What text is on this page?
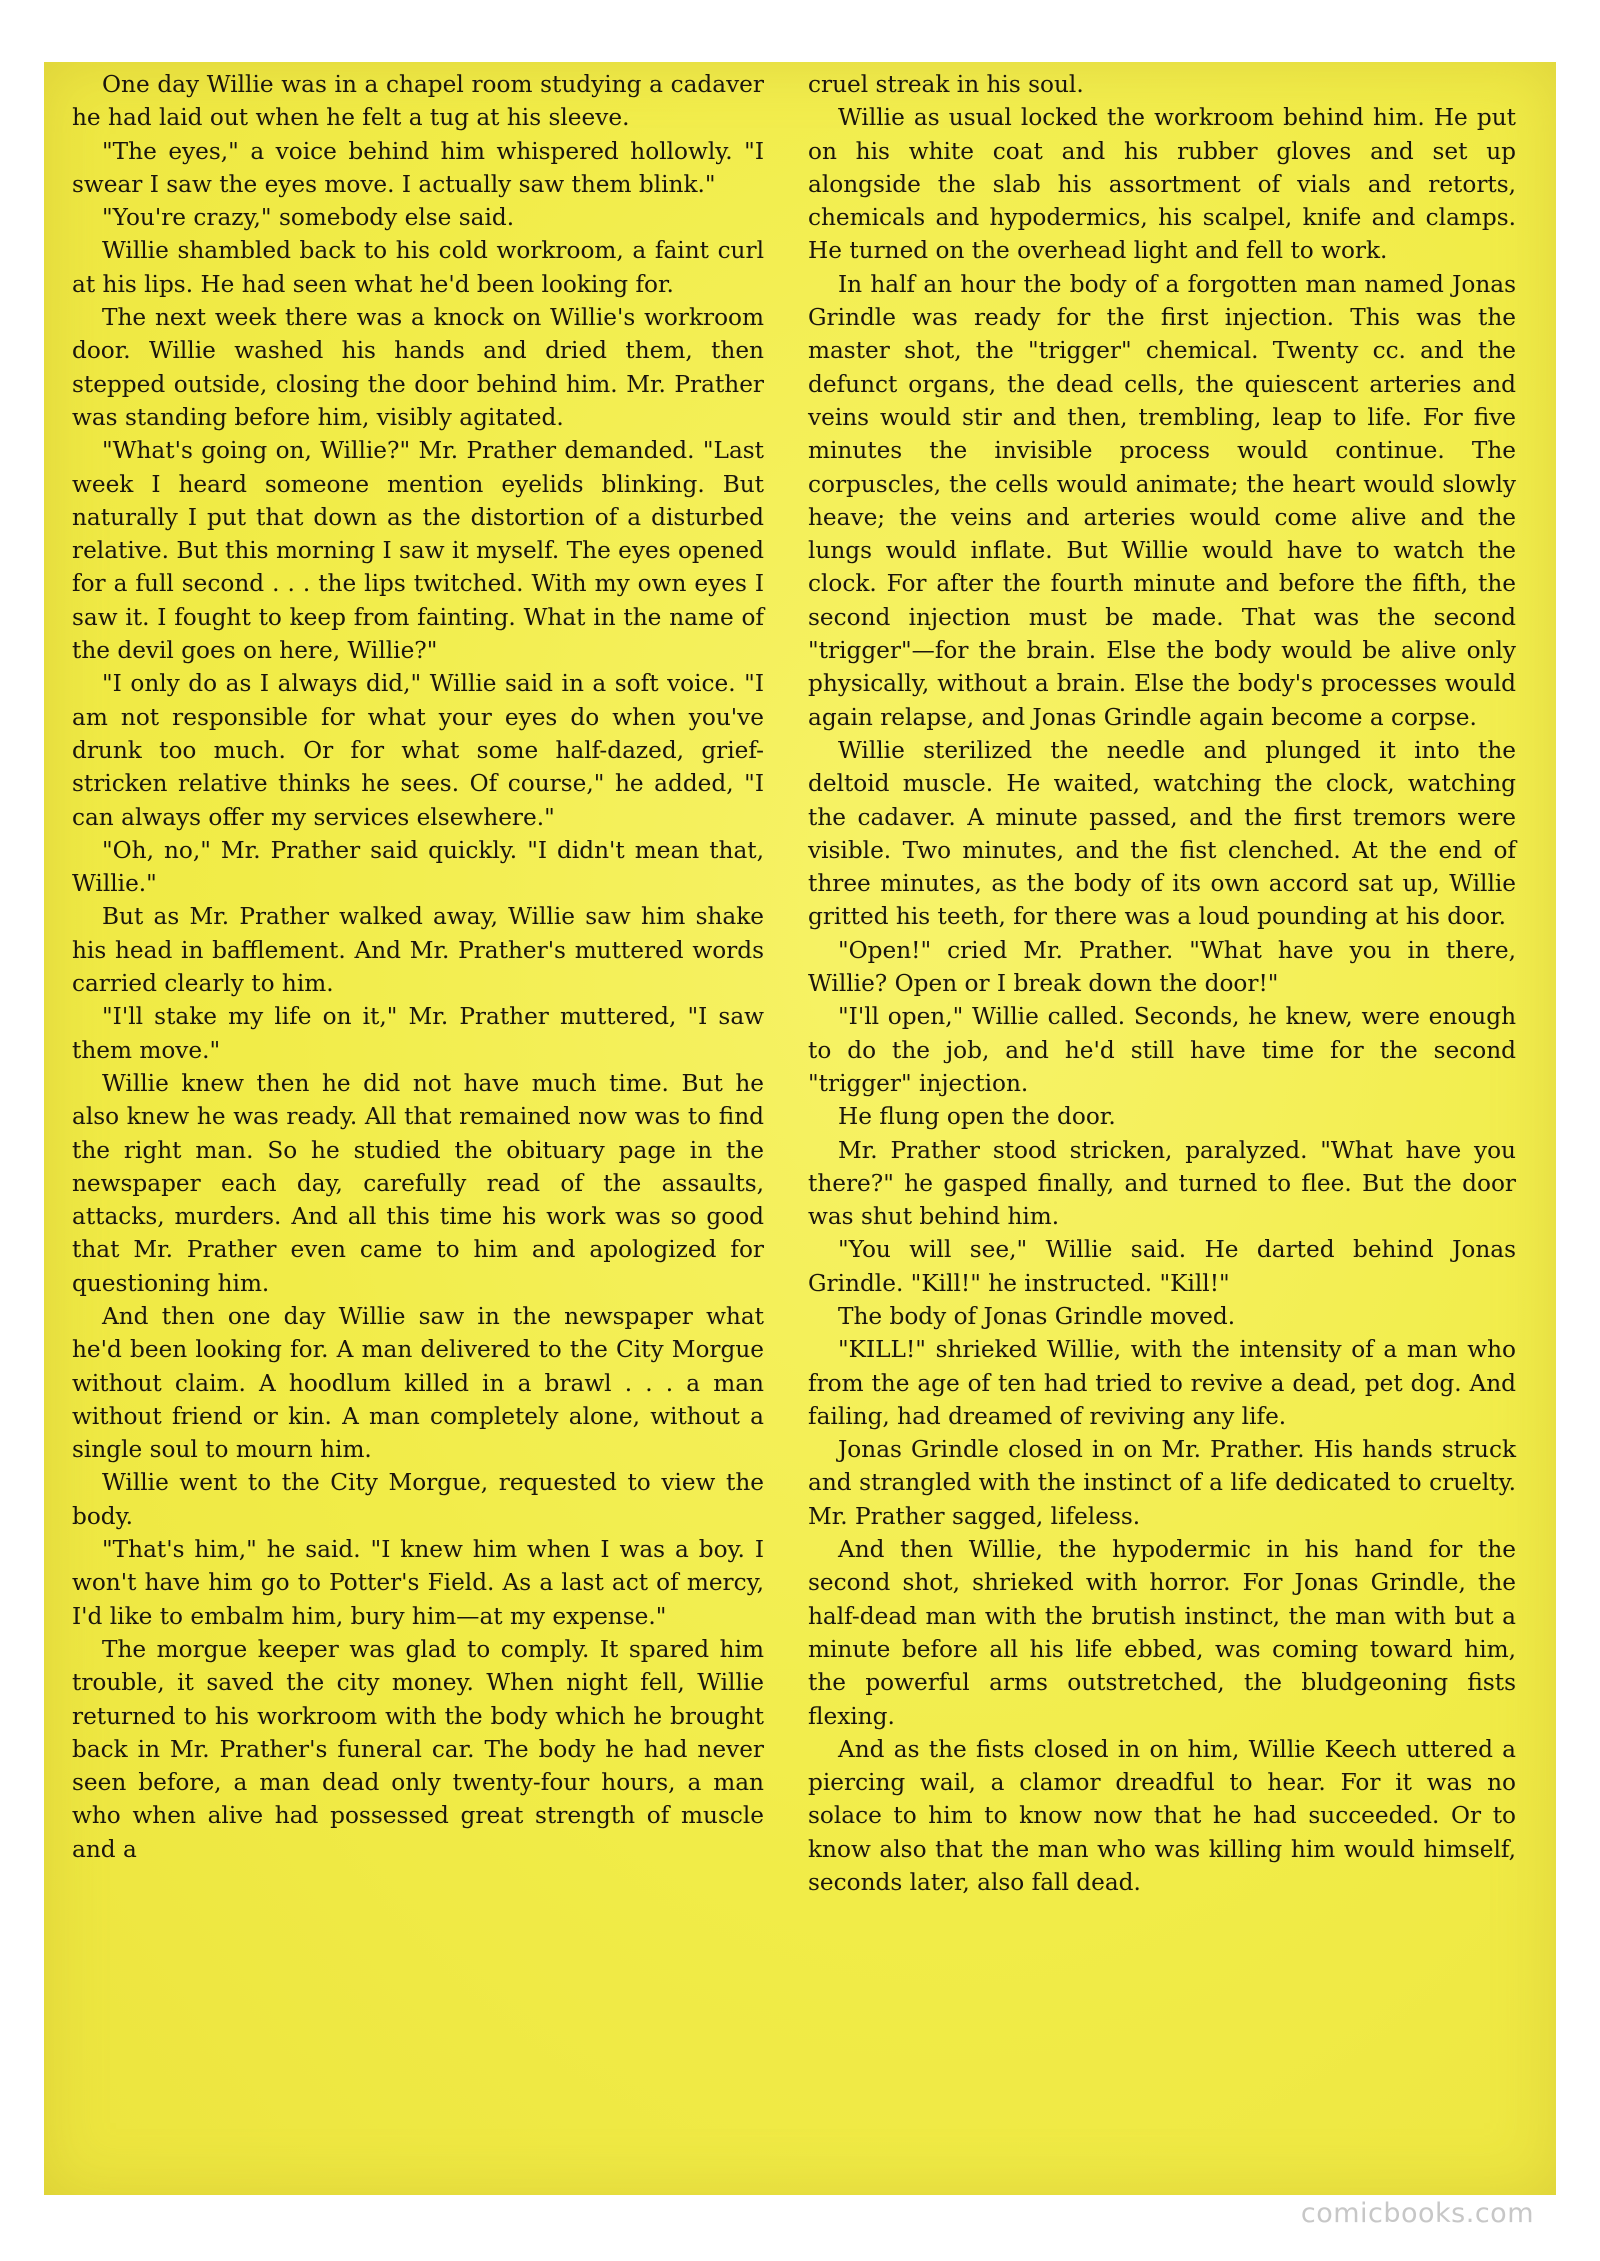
One day Willie was in a chapel room studying a cadaver he had laid out when he felt a tug at his sleeve.

"The eyes," a voice behind him whispered hollowly. "I swear I saw the eyes move. I actually saw them blink."

"You're crazy," somebody else said.

Willie shambled back to his cold workroom, a faint curl at his lips. He had seen what he'd been looking for.

The next week there was a knock on Willie's workroom door. Willie washed his hands and dried them, then stepped outside, closing the door behind him. Mr. Prather was standing before him, visibly agitated.

"What's going on, Willie?" Mr. Prather demanded. "Last week I heard someone mention eyelids blinking. But naturally I put that down as the distortion of a disturbed relative. But this morning I saw it myself. The eyes opened for a full second . . . the lips twitched. With my own eyes I saw it. I fought to keep from fainting. What in the name of the devil goes on here, Willie?"

"I only do as I always did," Willie said in a soft voice. "I am not responsible for what your eyes do when you've drunk too much. Or for what some half-dazed, grief-stricken relative thinks he sees. Of course," he added, "I can always offer my services elsewhere."

"Oh, no," Mr. Prather said quickly. "I didn't mean that, Willie."

But as Mr. Prather walked away, Willie saw him shake his head in bafflement. And Mr. Prather's muttered words carried clearly to him.

"I'll stake my life on it," Mr. Prather muttered, "I saw them move."

Willie knew then he did not have much time. But he also knew he was ready. All that remained now was to find the right man. So he studied the obituary page in the newspaper each day, carefully read of the assaults, attacks, murders. And all this time his work was so good that Mr. Prather even came to him and apologized for questioning him.

And then one day Willie saw in the newspaper what he'd been looking for. A man delivered to the City Morgue without claim. A hoodlum killed in a brawl . . . a man without friend or kin. A man completely alone, without a single soul to mourn him.

Willie went to the City Morgue, requested to view the body.

"That's him," he said. "I knew him when I was a boy. I won't have him go to Potter's Field. As a last act of mercy, I'd like to embalm him, bury him—at my expense."

The morgue keeper was glad to comply. It spared him trouble, it saved the city money. When night fell, Willie returned to his workroom with the body which he brought back in Mr. Prather's funeral car. The body he had never seen before, a man dead only twenty-four hours, a man who when alive had possessed great strength of muscle and a

cruel streak in his soul.

Willie as usual locked the workroom behind him. He put on his white coat and his rubber gloves and set up alongside the slab his assortment of vials and retorts, chemicals and hypodermics, his scalpel, knife and clamps. He turned on the overhead light and fell to work.

In half an hour the body of a forgotten man named Jonas Grindle was ready for the first injection. This was the master shot, the "trigger" chemical. Twenty cc. and the defunct organs, the dead cells, the quiescent arteries and veins would stir and then, trembling, leap to life. For five minutes the invisible process would continue. The corpuscles, the cells would animate; the heart would slowly heave; the veins and arteries would come alive and the lungs would inflate. But Willie would have to watch the clock. For after the fourth minute and before the fifth, the second injection must be made. That was the second "trigger"—for the brain. Else the body would be alive only physically, without a brain. Else the body's processes would again relapse, and Jonas Grindle again become a corpse.

Willie sterilized the needle and plunged it into the deltoid muscle. He waited, watching the clock, watching the cadaver. A minute passed, and the first tremors were visible. Two minutes, and the fist clenched. At the end of three minutes, as the body of its own accord sat up, Willie gritted his teeth, for there was a loud pounding at his door.

"Open!" cried Mr. Prather. "What have you in there, Willie? Open or I break down the door!"

"I'll open," Willie called. Seconds, he knew, were enough to do the job, and he'd still have time for the second "trigger" injection.

He flung open the door.

Mr. Prather stood stricken, paralyzed. "What have you there?" he gasped finally, and turned to flee. But the door was shut behind him.

"You will see," Willie said. He darted behind Jonas Grindle. "Kill!" he instructed. "Kill!"

The body of Jonas Grindle moved.

"KILL!" shrieked Willie, with the intensity of a man who from the age of ten had tried to revive a dead, pet dog. And failing, had dreamed of reviving any life.

Jonas Grindle closed in on Mr. Prather. His hands struck and strangled with the instinct of a life dedicated to cruelty. Mr. Prather sagged, lifeless.

And then Willie, the hypodermic in his hand for the second shot, shrieked with horror. For Jonas Grindle, the half-dead man with the brutish instinct, the man with but a minute before all his life ebbed, was coming toward him, the powerful arms outstretched, the bludgeoning fists flexing.

And as the fists closed in on him, Willie Keech uttered a piercing wail, a clamor dreadful to hear. For it was no solace to him to know now that he had succeeded. Or to know also that the man who was killing him would himself, seconds later, also fall dead.

comicbooks.com
